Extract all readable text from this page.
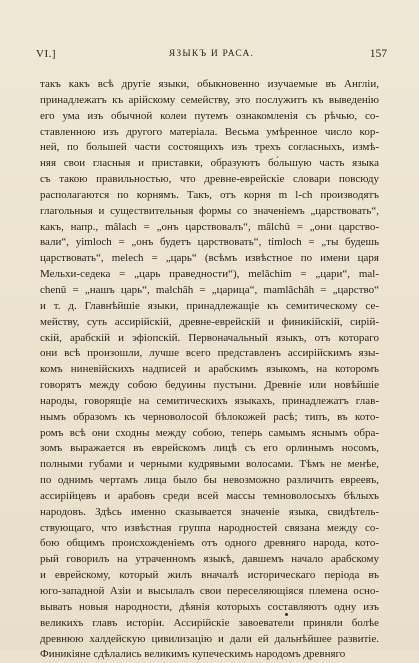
VI.]	ЯЗЫКЪ И РАСА.	157
такъ какъ всѣ другіе языки, обыкновенно изучаемые въ Англіи,
принадлежатъ къ арійскому семейству, это послужитъ къ выведенію
его ума изъ обычной колеи путемъ ознакомленія съ рѣчью, со-
ставленною изъ другого матеріала. Весьма умѣренное число кор-
ней, по большей части состоящихъ изъ трехъ согласныхъ, измѣ-
няя свои гласныя и приставки, образуютъ бо́льшую часть языка
съ такою правильностью, что древне-еврейскіе словари повсюду
располагаются по корнямъ. Такъ, отъ корня m l-ch производятъ
глагольныя и существительныя формы со значеніемъ „царствовать“,
какъ, напр., mâlach = „онъ царствовалъ“, mâlchû = „они царство-
вали“, yimloch = „онъ будетъ царствовать“, timloch = „ты будешь
царствовать“, melech = „царь“ (всѣмъ извѣстное по имени царя
Мельхи-седека = „царь праведности“), melâchim = „цари“, mal-
chenû = „нашъ царь“, malchâh = „царица“, mamlâchâh = „царство“
и т. д. Главнѣйшіе языки, принадлежащіе къ семитическому се-
мейству, суть ассирійскій, древне-еврейскій и финикійскій, сирій-
скій, арабскій и эфіопскій. Первоначальный языкъ, отъ котораго
они всѣ произошли, лучше всего представленъ ассирійскимъ язы-
комъ ниневійскихъ надписей и арабскимъ языкомъ, на которомъ
говорятъ между собою бедуины пустыни. Древніе или новѣйшіе
народы, говорящіе на семитическихъ языкахъ, принадлежатъ глав-
нымъ образомъ къ черноволосой бѣлокожей расѣ; типъ, въ кото-
ромъ всѣ они сходны между собою, теперь самымъ яснымъ обра-
зомъ выражается въ еврейскомъ лицѣ съ его орлинымъ носомъ,
полными губами и черными кудрявыми волосами. Тѣмъ не менѣе,
по однимъ чертамъ лица было бы невозможно различить евреевъ,
ассирійцевъ и арабовъ среди всей массы темноволосыхъ бѣлыхъ
народовъ. Здѣсь именно сказывается значеніе языка, свидѣтель-
ствующаго, что извѣстная группа народностей связана между со-
бою общимъ происхожденіемъ отъ одного древняго народа, кото-
рый говорилъ на утраченномъ языкѣ, давшемъ начало арабскому
и еврейскому, который жилъ вначалѣ историческаго періода въ
юго-западной Азіи и высылалъ свои переселяющіяся племена осно-
вывать новыя народности, дѣянія которыхъ составляютъ одну изъ
великихъ главъ исторіи. Ассирійскіе завоеватели приняли болѣе
древнюю халдейскую цивилизацію и дали ей дальнѣйшее развитіе.
Финикіяне сдѣлались великимъ купеческимъ народомъ древняго
